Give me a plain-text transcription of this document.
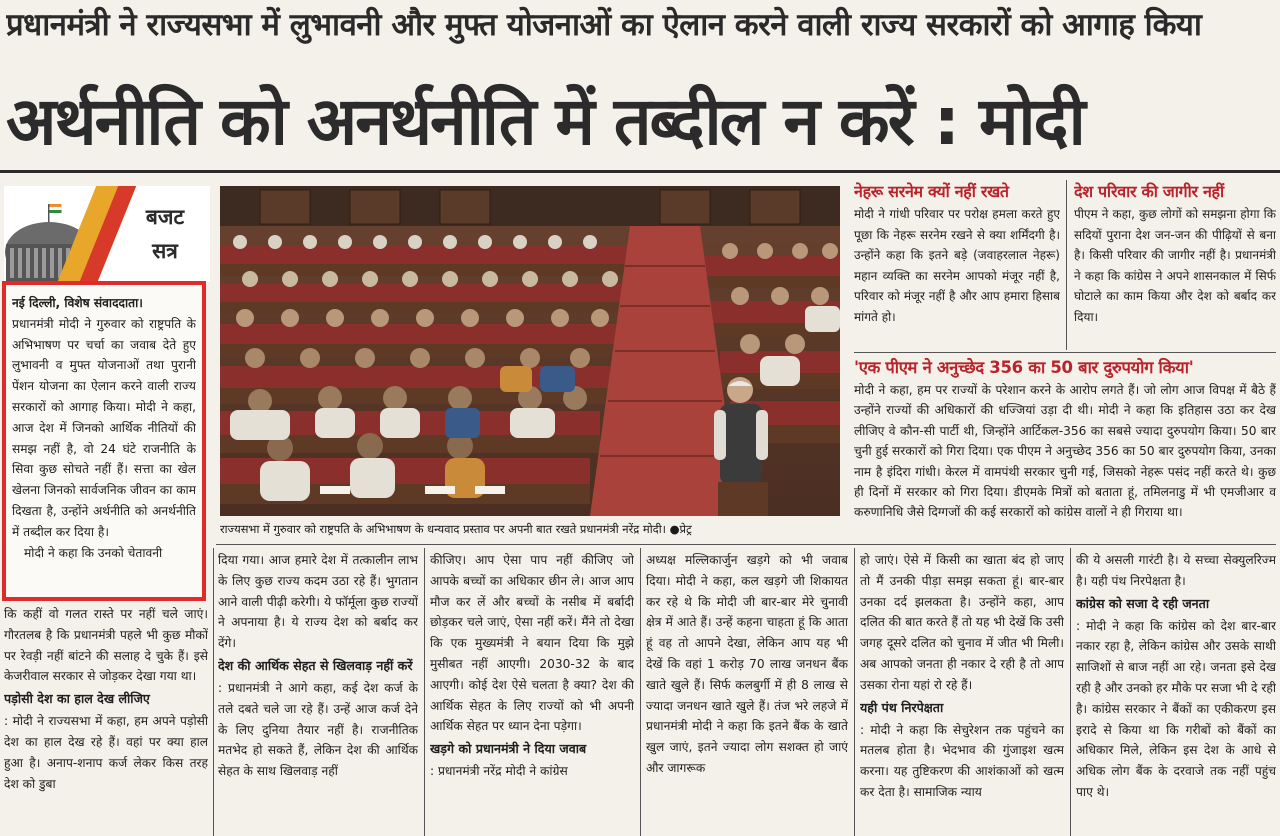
प्रधानमंत्री ने राज्यसभा में लुभावनी और मुफ्त योजनाओं का ऐलान करने वाली राज्य सरकारों को आगाह किया
अर्थनीति को अनर्थनीति में तब्दील न करें : मोदी
बजट
सत्र

नई दिल्ली, विशेष संवाददाता।

प्रधानमंत्री मोदी ने गुरुवार को राष्ट्रपति के अभिभाषण पर चर्चा का जवाब देते हुए लुभावनी व मुफ्त योजनाओं तथा पुरानी पेंशन योजना का ऐलान करने वाली राज्य सरकारों को आगाह किया। मोदी ने कहा, आज देश में जिनको आर्थिक नीतियों की समझ नहीं है, वो 24 घंटे राजनीति के सिवा कुछ सोचते नहीं हैं। सत्ता का खेल खेलना जिनको सार्वजनिक जीवन का काम दिखता है, उन्होंने अर्थनीति को अनर्थनीति में तब्दील कर दिया है।

मोदी ने कहा कि उनको चेतावनी

कि कहीं वो गलत रास्ते पर नहीं चले जाएं। गौरतलब है कि प्रधानमंत्री पहले भी कुछ मौकों पर रेवड़ी नहीं बांटने की सलाह दे चुके हैं। इसे केजरीवाल सरकार से जोड़कर देखा गया था।

पड़ोसी देश का हाल देख लीजिए

: मोदी ने राज्यसभा में कहा, हम अपने पड़ोसी देश का हाल देख रहे हैं। वहां पर क्या हाल हुआ है। अनाप-शनाप कर्ज लेकर किस तरह देश को डुबा

राज्यसभा में गुरुवार को राष्ट्रपति के अभिभाषण के धन्यवाद प्रस्ताव पर अपनी बात रखते प्रधानमंत्री नरेंद्र मोदी। ●प्रेट्र

दिया गया। आज हमारे देश में तत्कालीन लाभ के लिए कुछ राज्य कदम उठा रहे हैं। भुगतान आने वाली पीढ़ी करेगी। ये फॉर्मूला कुछ राज्यों ने अपनाया है। ये राज्य देश को बर्बाद कर देंगे।

देश की आर्थिक सेहत से खिलवाड़ नहीं करें

: प्रधानमंत्री ने आगे कहा, कई देश कर्ज के तले दबते चले जा रहे हैं। उन्हें आज कर्ज देने के लिए दुनिया तैयार नहीं है। राजनीतिक मतभेद हो सकते हैं, लेकिन देश की आर्थिक सेहत के साथ खिलवाड़ नहीं

कीजिए। आप ऐसा पाप नहीं कीजिए जो आपके बच्चों का अधिकार छीन ले। आज आप मौज कर लें और बच्चों के नसीब में बर्बादी छोड़कर चले जाएं, ऐसा नहीं करें। मैंने तो देखा कि एक मुख्यमंत्री ने बयान दिया कि मुझे मुसीबत नहीं आएगी। 2030-32 के बाद आएगी। कोई देश ऐसे चलता है क्या? देश की आर्थिक सेहत के लिए राज्यों को भी अपनी आर्थिक सेहत पर ध्यान देना पड़ेगा।

खड़गे को प्रधानमंत्री ने दिया जवाब

: प्रधानमंत्री नरेंद्र मोदी ने कांग्रेस

अध्यक्ष मल्लिकार्जुन खड़गे को भी जवाब दिया। मोदी ने कहा, कल खड़गे जी शिकायत कर रहे थे कि मोदी जी बार-बार मेरे चुनावी क्षेत्र में आते हैं। उन्हें कहना चाहता हूं कि आता हूं वह तो आपने देखा, लेकिन आप यह भी देखें कि वहां 1 करोड़ 70 लाख जनधन बैंक खाते खुले हैं। सिर्फ कलबुर्गी में ही 8 लाख से ज्यादा जनधन खाते खुले हैं। तंज भरे लहजे में प्रधानमंत्री मोदी ने कहा कि इतने बैंक के खाते खुल जाएं, इतने ज्यादा लोग सशक्त हो जाएं और जागरूक

हो जाएं। ऐसे में किसी का खाता बंद हो जाए तो मैं उनकी पीड़ा समझ सकता हूं। बार-बार उनका दर्द झलकता है। उन्होंने कहा, आप दलित की बात करते हैं तो यह भी देखें कि उसी जगह दूसरे दलित को चुनाव में जीत भी मिली। अब आपको जनता ही नकार दे रही है तो आप उसका रोना यहां रो रहे हैं।

यही पंथ निरपेक्षता

: मोदी ने कहा कि सेचुरेशन तक पहुंचने का मतलब होता है। भेदभाव की गुंजाइश खत्म करना। यह तुष्टिकरण की आशंकाओं को खत्म कर देता है। सामाजिक न्याय

की ये असली गारंटी है। ये सच्चा सेक्युलरिज्म है। यही पंथ निरपेक्षता है।

कांग्रेस को सजा दे रही जनता

: मोदी ने कहा कि कांग्रेस को देश बार-बार नकार रहा है, लेकिन कांग्रेस और उसके साथी साजिशों से बाज नहीं आ रहे। जनता इसे देख रही है और उनको हर मौके पर सजा भी दे रही है। कांग्रेस सरकार ने बैंकों का एकीकरण इस इरादे से किया था कि गरीबों को बैंकों का अधिकार मिले, लेकिन इस देश के आधे से अधिक लोग बैंक के दरवाजे तक नहीं पहुंच पाए थे।

नेहरू सरनेम क्यों नहीं रखते
मोदी ने गांधी परिवार पर परोक्ष हमला करते हुए पूछा कि नेहरू सरनेम रखने से क्या शर्मिंदगी है। उन्होंने कहा कि इतने बड़े (जवाहरलाल नेहरू) महान व्यक्ति का सरनेम आपको मंजूर नहीं है, परिवार को मंजूर नहीं है और आप हमारा हिसाब मांगते हो।
देश परिवार की जागीर नहीं
पीएम ने कहा, कुछ लोगों को समझना होगा कि सदियों पुराना देश जन-जन की पीढ़ियों से बना है। किसी परिवार की जागीर नहीं है। प्रधानमंत्री ने कहा कि कांग्रेस ने अपने शासनकाल में सिर्फ घोटाले का काम किया और देश को बर्बाद कर दिया।
'एक पीएम ने अनुच्छेद 356 का 50 बार दुरुपयोग किया'
मोदी ने कहा, हम पर राज्यों के परेशान करने के आरोप लगते हैं। जो लोग आज विपक्ष में बैठे हैं उन्होंने राज्यों की अधिकारों की धज्जियां उड़ा दी थी। मोदी ने कहा कि इतिहास उठा कर देख लीजिए वे कौन-सी पार्टी थी, जिन्होंने आर्टिकल-356 का सबसे ज्यादा दुरुपयोग किया। 50 बार चुनी हुई सरकारों को गिरा दिया। एक पीएम ने अनुच्छेद 356 का 50 बार दुरुपयोग किया, उनका नाम है इंदिरा गांधी। केरल में वामपंथी सरकार चुनी गई, जिसको नेहरू पसंद नहीं करते थे। कुछ ही दिनों में सरकार को गिरा दिया। डीएमके मित्रों को बताता हूं, तमिलनाडु में भी एमजीआर व करुणानिधि जैसे दिग्गजों की कई सरकारों को कांग्रेस वालों ने ही गिराया था।
